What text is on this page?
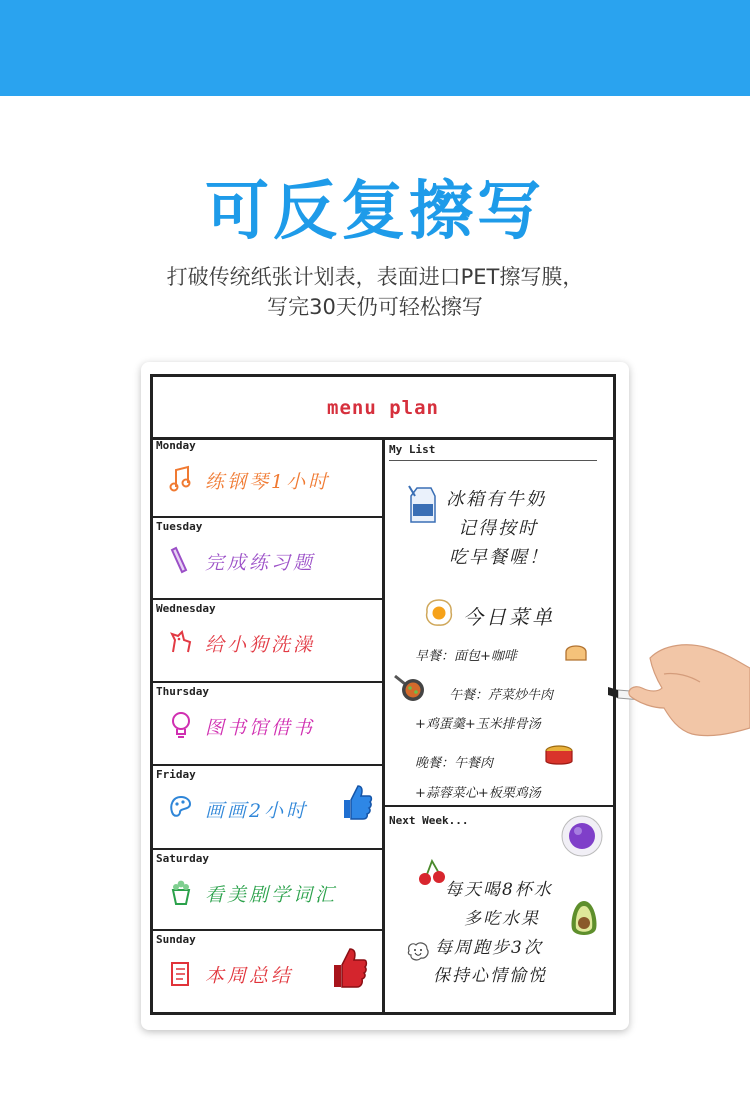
可反复擦写
打破传统纸张计划表，表面进口PET擦写膜，
写完30天仍可轻松擦写
menu plan
Monday
练钢琴1小时
Tuesday
完成练习题
Wednesday
给小狗洗澡
Thursday
图书馆借书
Friday
画画2小时
Saturday
看美剧学词汇
Sunday
本周总结
My List
冰箱有牛奶
记得按时
吃早餐喔！
今日菜单
早餐：面包+咖啡
午餐：芹菜炒牛肉
+鸡蛋羹+玉米排骨汤
晚餐：午餐肉
+蒜蓉菜心+板栗鸡汤
Next Week...
每天喝8杯水
多吃水果
每周跑步3次
保持心情愉悦
